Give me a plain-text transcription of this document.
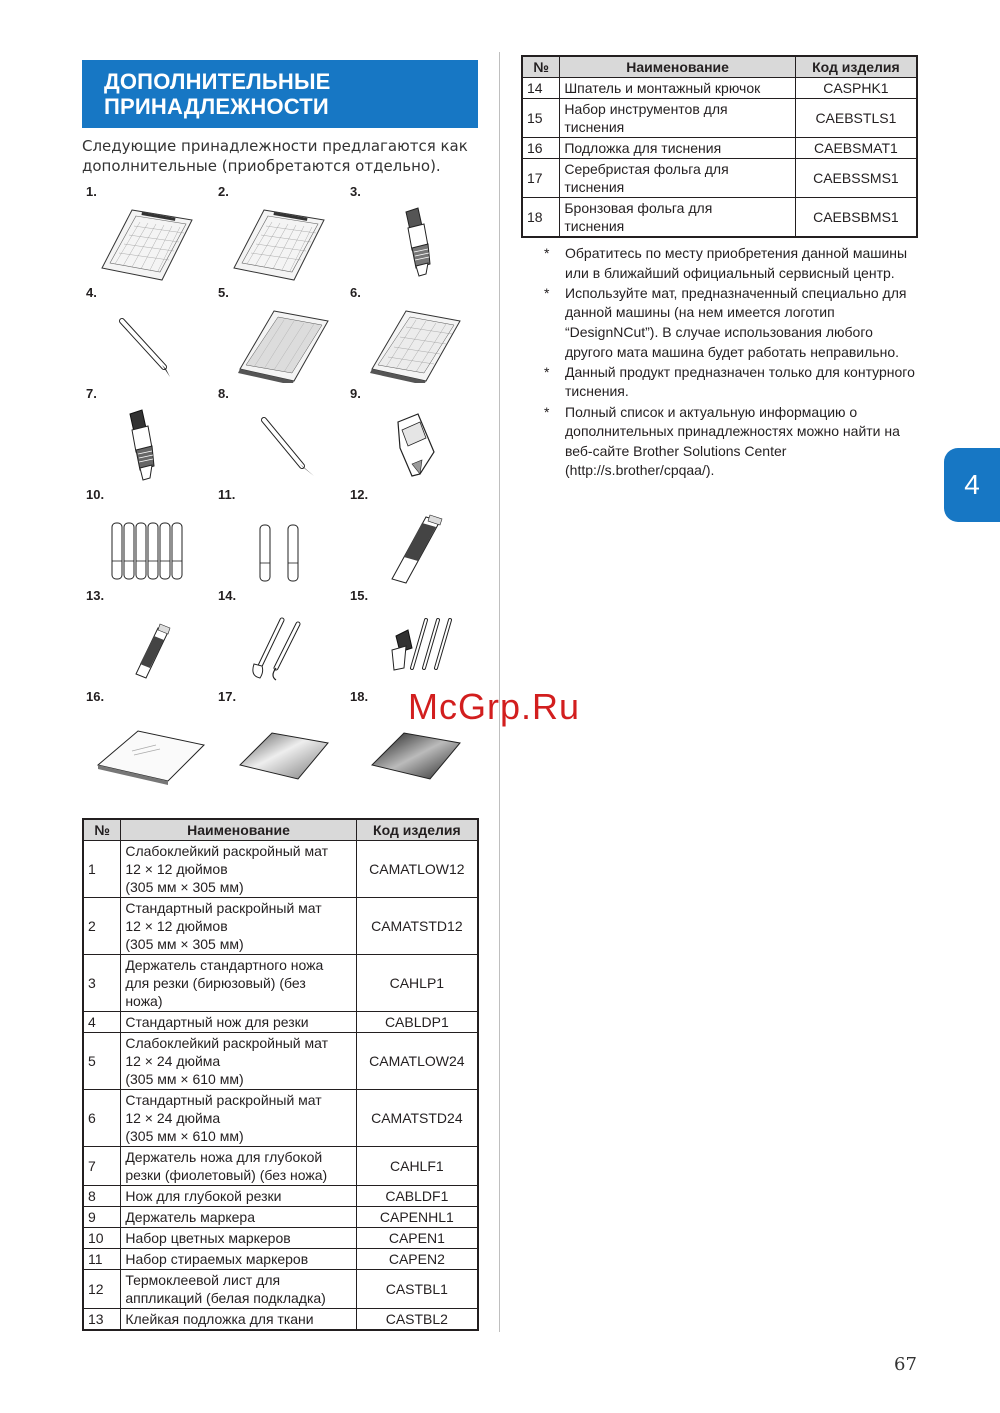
ДОПОЛНИТЕЛЬНЫЕ
ПРИНАДЛЕЖНОСТИ

Следующие принадлежности предлагаются как дополнительные (приобретаются отдельно).

1.	2.	3.
4.	5.	6.
7.	8.	9.
10.	11.	12.
13.	14.	15.
16.	17.	18.
№	Наименование	Код изделия
1	Слабоклейкий раскройный мат
12 × 12 дюймов
(305 мм × 305 мм)	CAMATLOW12
2	Стандартный раскройный мат
12 × 12 дюймов
(305 мм × 305 мм)	CAMATSTD12
3	Держатель стандартного ножа
для резки (бирюзовый) (без
ножа)	CAHLP1
4	Стандартный нож для резки	CABLDP1
5	Слабоклейкий раскройный мат
12 × 24 дюйма
(305 мм × 610 мм)	CAMATLOW24
6	Стандартный раскройный мат
12 × 24 дюйма
(305 мм × 610 мм)	CAMATSTD24
7	Держатель ножа для глубокой
резки (фиолетовый) (без ножа)	CAHLF1
8	Нож для глубокой резки	CABLDF1
9	Держатель маркера	CAPENHL1
10	Набор цветных маркеров	CAPEN1
11	Набор стираемых маркеров	CAPEN2
12	Термоклеевой лист для
аппликаций (белая подкладка)	CASTBL1
13	Клейкая подложка для ткани	CASTBL2
№	Наименование	Код изделия
14	Шпатель и монтажный крючок	CASPHK1
15	Набор инструментов для
тиснения	CAEBSTLS1
16	Подложка для тиснения	CAEBSMAT1
17	Серебристая фольга для
тиснения	CAEBSSMS1
18	Бронзовая фольга для
тиснения	CAEBSBMS1
* Обратитесь по месту приобретения данной машины или в ближайший официальный сервисный центр.
* Используйте мат, предназначенный специально для данной машины (на нем имеется логотип “DesignNCut”). В случае использования любого другого мата машина будет работать неправильно.
* Данный продукт предназначен только для контурного тиснения.
* Полный список и актуальную информацию о дополнительных принадлежностях можно найти на веб-сайте Brother Solutions Center (http://s.brother/cpqaa/).	4
McGrp.Ru
67
